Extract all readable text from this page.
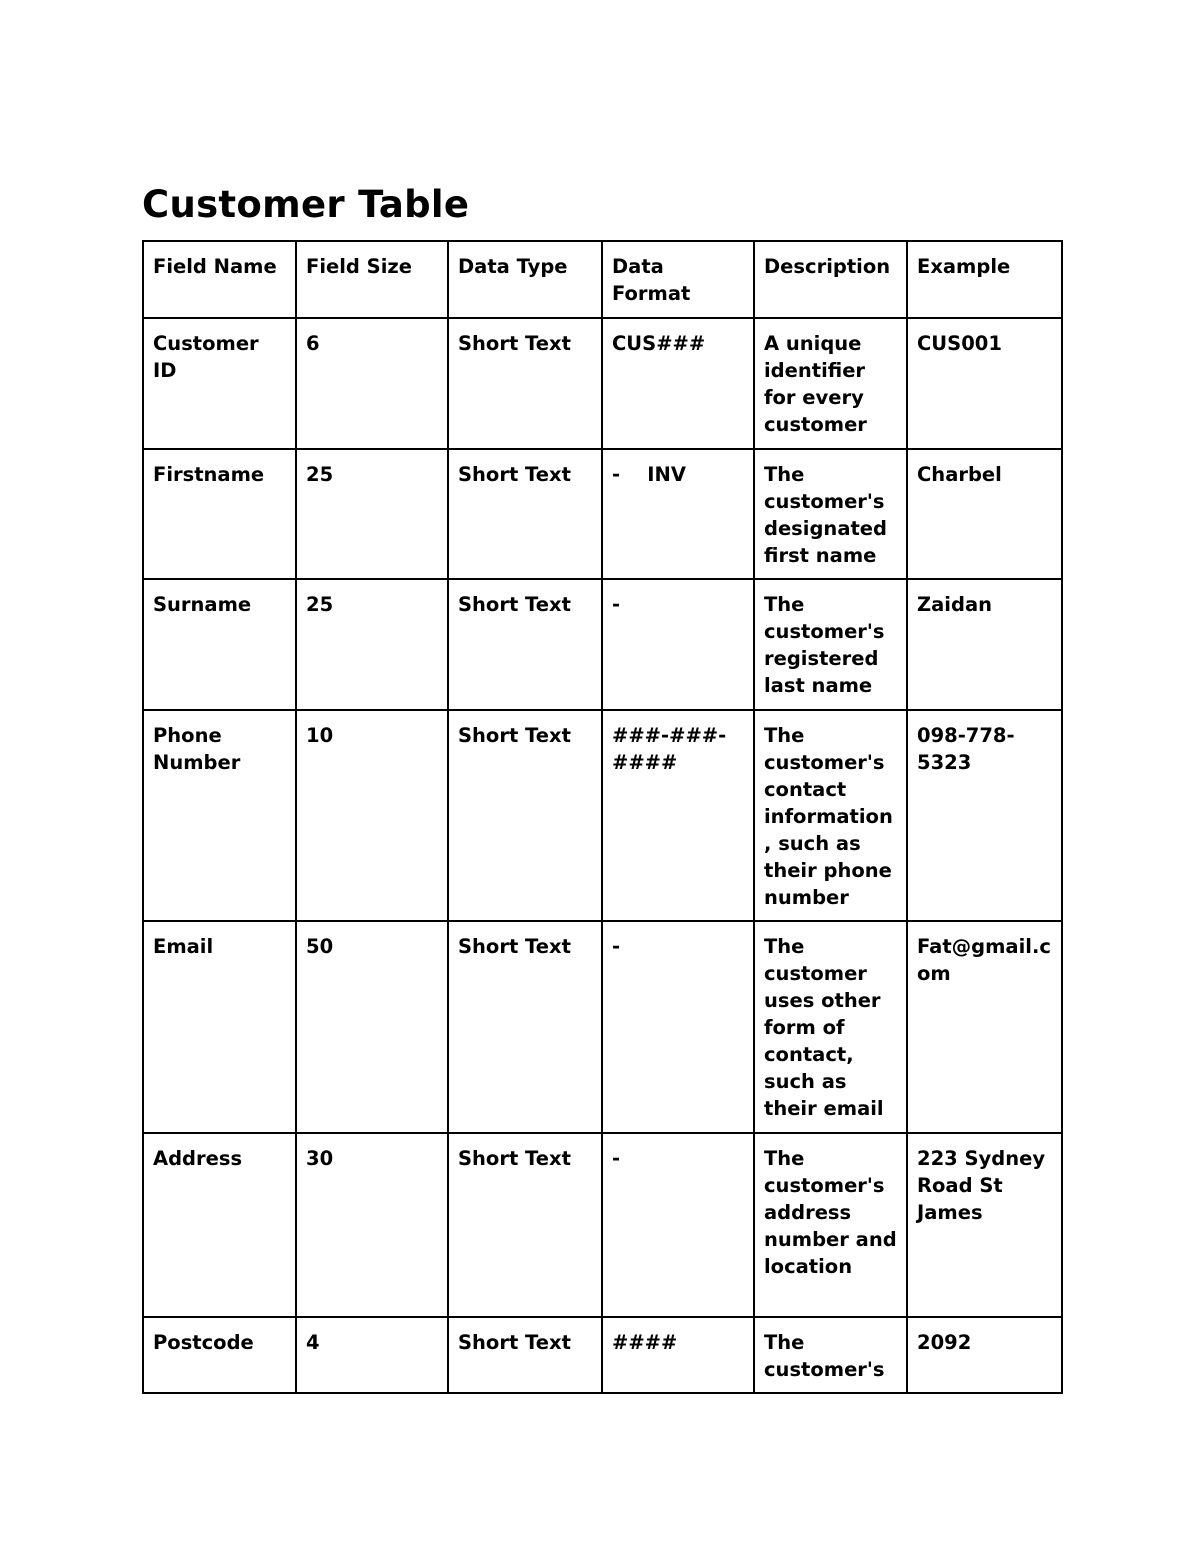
Customer Table
Field Name	Field Size	Data Type	Data Format	Description	Example
Customer ID	6	Short Text	CUS###	A unique identifier for every customer	CUS001
Firstname	25	Short Text	-    INV	The customer's designated first name	Charbel
Surname	25	Short Text	-	The customer's registered last name	Zaidan
Phone Number	10	Short Text	###-###-####	The customer's contact information, such as their phone number	098-778-5323
Email	50	Short Text	-	The customer uses other form of contact, such as their email	Fat@gmail.com
Address	30	Short Text	-	The customer's address number and location	223 Sydney Road St James
Postcode	4	Short Text	####	The customer's	2092
